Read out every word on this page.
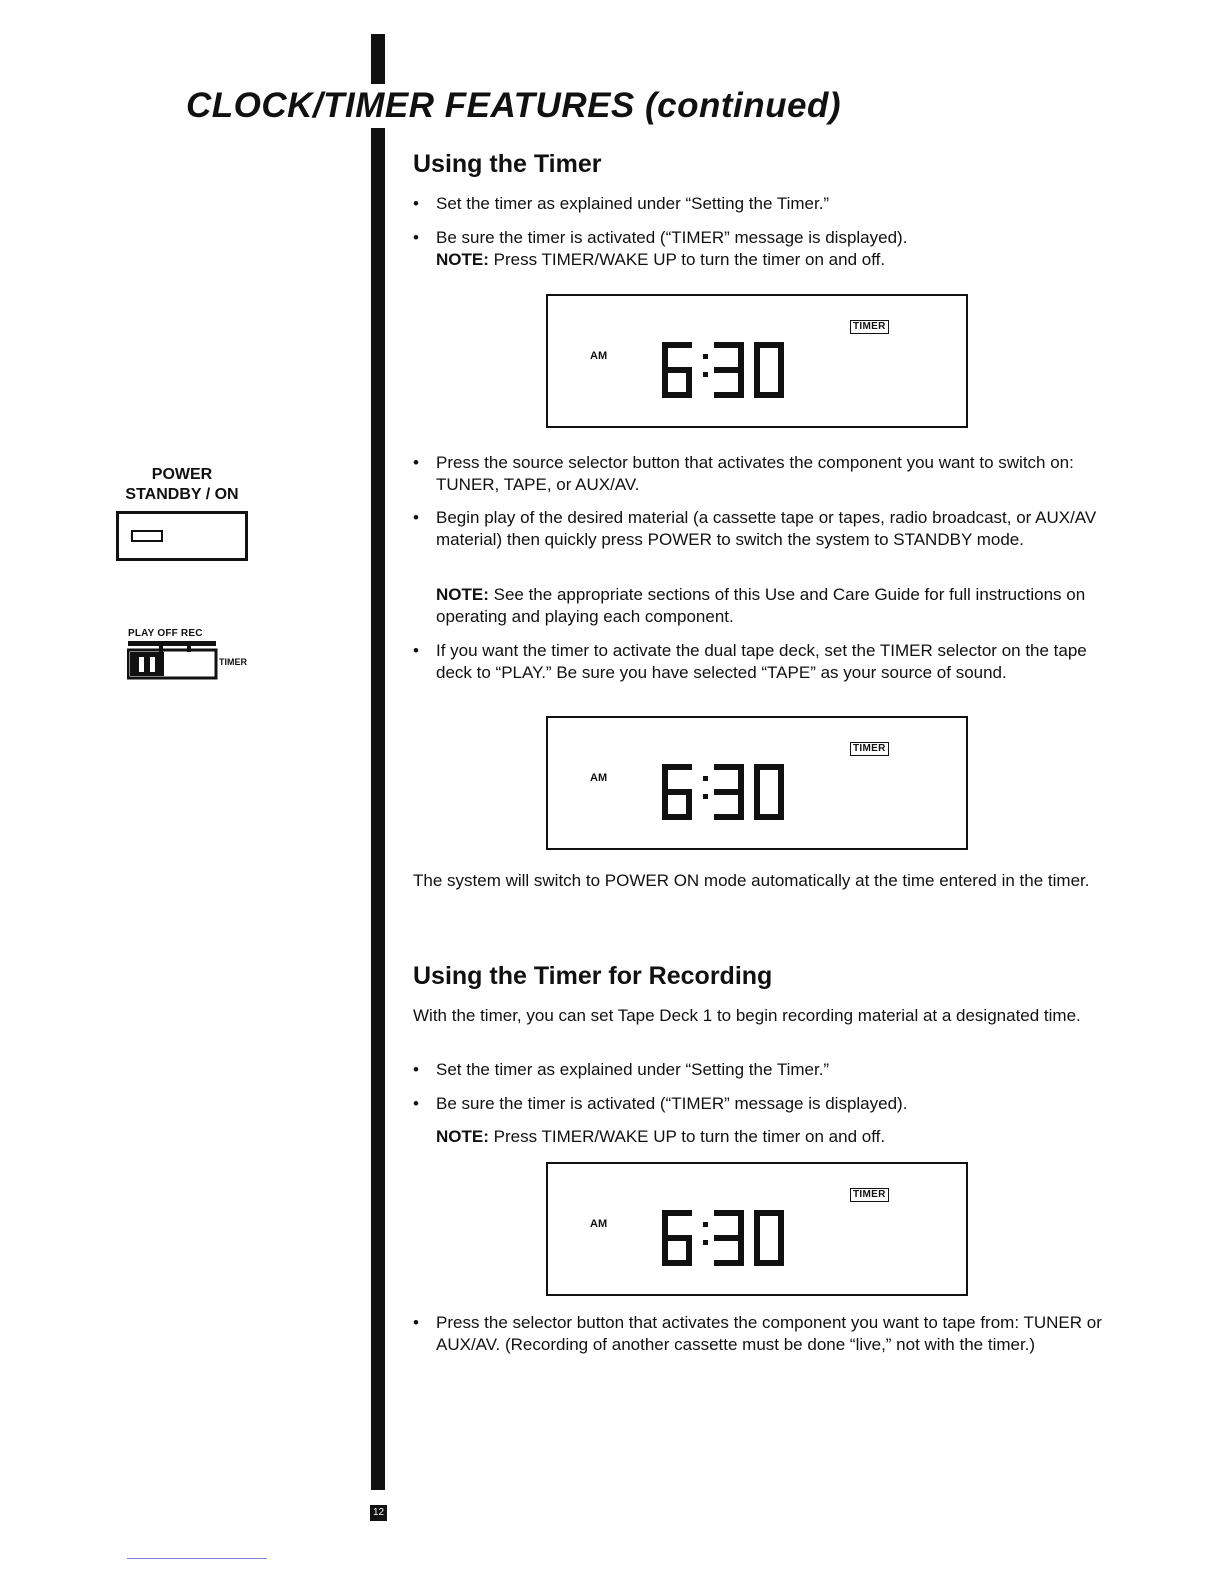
CLOCK/TIMER FEATURES (continued)
POWER
STANDBY / ON
PLAY OFF REC
TIMER
Using the Timer
• Set the timer as explained under “Setting the Timer.”
• Be sure the timer is activated (“TIMER” message is displayed).
NOTE: Press TIMER/WAKE UP to turn the timer on and off.
AM
TIMER
• Press the source selector button that activates the component you want to switch on: TUNER, TAPE, or AUX/AV.
• Begin play of the desired material (a cassette tape or tapes, radio broadcast, or AUX/AV material) then quickly press POWER to switch the system to STANDBY mode.
NOTE: See the appropriate sections of this Use and Care Guide for full instructions on operating and playing each component.
• If you want the timer to activate the dual tape deck, set the TIMER selector on the tape deck to “PLAY.” Be sure you have selected “TAPE” as your source of sound.
AM
TIMER

The system will switch to POWER ON mode automatically at the time entered in the timer.

Using the Timer for Recording

With the timer, you can set Tape Deck 1 to begin recording material at a designated time.

• Set the timer as explained under “Setting the Timer.”
• Be sure the timer is activated (“TIMER” message is displayed).
NOTE: Press TIMER/WAKE UP to turn the timer on and off.
AM
TIMER
• Press the selector button that activates the component you want to tape from: TUNER or AUX/AV. (Recording of another cassette must be done “live,” not with the timer.)
12
